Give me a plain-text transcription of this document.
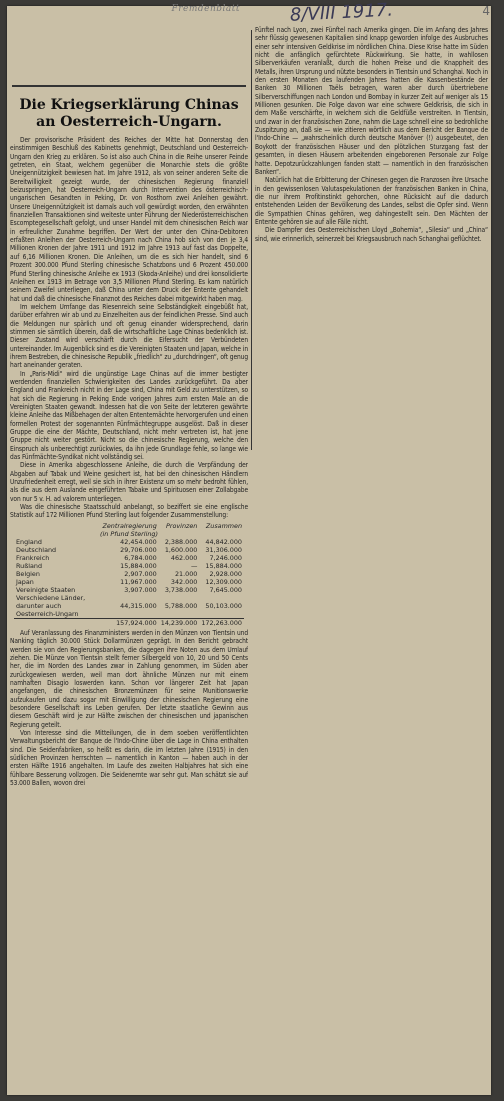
Fremdenblatt	8/VIII 1917.	4

Fünftel nach Lyon, zwei Fünftel nach Amerika gingen. Die im Anfang des Jahres sehr flüssig gewesenen Kapitalien sind knapp geworden infolge des Ausbruches einer sehr intensiven Geldkrise im nördlichen China. Diese Krise hatte im Süden nicht die anfänglich gefürchtete Rückwirkung. Sie hatte, in wahllosen Silberverkäufen veranlaßt, durch die hohen Preise und die Knappheit des Metalls, ihren Ursprung und nützte besonders in Tientsin und Schanghai. Noch in den ersten Monaten des laufenden Jahres hatten die Kassenbestände der Banken 30 Millionen Taëls betragen, waren aber durch übertriebene Silberverschiffungen nach London und Bombay in kurzer Zeit auf weniger als 15 Millionen gesunken. Die Folge davon war eine schwere Geldkrisis, die sich in dem Maße verschärfte, in welchem sich die Geldfüße verstreiten. In Tientsin, und zwar in der französischen Zone, nahm die Lage schnell eine so bedrohliche Zuspitzung an, daß sie — wie zitieren wörtlich aus dem Bericht der Banque de l'Indo-Chine — „wahrscheinlich durch deutsche Manöver (!) ausgebeutet, den Boykott der französischen Häuser und den plötzlichen Sturzgang fast der gesamten, in diesen Häusern arbeitenden eingeborenen Personale zur Folge hatte. Depotzurückzahlungen fanden statt — namentlich in den französischen Banken“.

Natürlich hat die Erbitterung der Chinesen gegen die Franzosen ihre Ursache in den gewissenlosen Valutaspekulationen der französischen Banken in China, die nur ihrem Profitinstinkt gehorchen, ohne Rücksicht auf die dadurch entstehenden Leiden der Bevölkerung des Landes, selbst die Opfer sind. Wenn die Sympathien Chinas gehören, weg dahingestellt sein. Den Mächten der Entente gehören sie auf alle Fälle nicht.

Die Dampfer des Oesterreichischen Lloyd „Bohemia“, „Silesia“ und „China“ sind, wie erinnerlich, seinerzeit bei Kriegsausbruch nach Schanghai geflüchtet.

Die Kriegserklärung Chinas an Oesterreich-Ungarn.

Der provisorische Präsident des Reiches der Mitte hat Donnerstag den einstimmigen Beschluß des Kabinetts genehmigt, Deutschland und Oesterreich-Ungarn den Krieg zu erklären. So ist also auch China in die Reihe unserer Feinde getreten, ein Staat, welchem gegenüber die Monarchie stets die größte Uneigennützigkeit bewiesen hat. Im Jahre 1912, als von seiner anderen Seite die Bereitwilligkeit gezeigt wurde, der chinesischen Regierung finanziell beizuspringen, hat Oesterreich-Ungarn durch Intervention des österreichisch-ungarischen Gesandten in Peking, Dr. von Rosthorn zwei Anleihen gewährt. Unsere Uneigennützigkeit ist damals auch voll gewürdigt worden, den erwähnten finanziellen Transaktionen sind weiteste unter Führung der Niederösterreichischen Escomptegesellschaft gefolgt, und unser Handel mit dem chinesischen Reich war in erfreulicher Zunahme begriffen. Der Wert der unter den China-Debitoren erfaßten Anleihen der Oesterreich-Ungarn nach China hob sich von den je 3,4 Millionen Kronen der Jahre 1911 und 1912 im Jahre 1913 auf fast das Doppelte, auf 6,16 Millionen Kronen. Die Anleihen, um die es sich hier handelt, sind 6 Prozent 300.000 Pfund Sterling chinesische Schatzbons und 6 Prozent 450.000 Pfund Sterling chinesische Anleihe ex 1913 (Skoda-Anleihe) und drei konsolidierte Anleihen ex 1913 im Betrage von 3,5 Millionen Pfund Sterling. Es kam natürlich seinem Zweifel unterliegen, daß China unter dem Druck der Entente gehandelt hat und daß die chinesische Finanznot des Reiches dabei mitgewirkt haben mag.

Im welchem Umfange das Riesenreich seine Selbständigkeit eingebüßt hat, darüber erfahren wir ab und zu Einzelheiten aus der feindlichen Presse. Sind auch die Meldungen nur spärlich und oft genug einander widersprechend, darin stimmen sie sämtlich überein, daß die wirtschaftliche Lage Chinas bedenklich ist. Dieser Zustand wird verschärft durch die Eifersucht der Verbündeten untereinander. Im Augenblick sind es die Vereinigten Staaten und Japan, welche in ihrem Bestreben, die chinesische Republik „friedlich“ zu „durchdringen“, oft genug hart aneinander geraten.

In „Paris-Midi“ wird die ungünstige Lage Chinas auf die immer bestigter werdenden finanziellen Schwierigkeiten des Landes zurückgeführt. Da aber England und Frankreich nicht in der Lage sind, China mit Geld zu unterstützen, so hat sich die Regierung in Peking Ende vorigen Jahres zum ersten Male an die Vereinigten Staaten gewandt. Indessen hat die von Seite der letzteren gewährte kleine Anleihe das Mißbehagen der alten Ententemächte hervorgerufen und einen formellen Protest der sogenannten Fünfmächtegruppe ausgelöst. Daß in dieser Gruppe die eine der Mächte, Deutschland, nicht mehr vertreten ist, hat jene Gruppe nicht weiter gestört. Nicht so die chinesische Regierung, welche den Einspruch als unberechtigt zurückwies, da ihn jede Grundlage fehle, so lange wie das Fünfmächte-Syndikat nicht vollständig sei.

Diese in Amerika abgeschlossene Anleihe, die durch die Verpfändung der Abgaben auf Tabak und Weine gesichert ist, hat bei den chinesischen Händlern Unzufriedenheit erregt, weil sie sich in ihrer Existenz um so mehr bedroht fühlen, als die aus dem Auslande eingeführten Tabake und Spirituosen einer Zollabgabe von nur 5 v. H. ad valorem unterliegen.

Was die chinesische Staatsschuld anbelangt, so beziffert sie eine englische Statistik auf 172 Millionen Pfund Sterling laut folgender Zusammenstellung:

	Zentralregierung	Provinzen	Zusammen
(in Pfund Sterling)			
England	42,454.000	2,388.000	44,842.000
Deutschland	29,706.000	1,600.000	31,306.000
Frankreich	6,784.000	462.000	7,246.000
Rußland	15,884.000	—	15,884.000
Belgien	2,907.000	21.000	2,928.000
Japan	11,967.000	342.000	12,309.000
Vereinigte Staaten	3,907.000	3,738.000	7,645.000
Verschiedene Länder, darunter auch Oesterreich-Ungarn	44,315.000	5,788.000	50,103.000
	157,924.000	14,239.000	172,263.000

Auf Veranlassung des Finanzministers werden in den Münzen von Tientsin und Nanking täglich 30.000 Stück Dollarmünzen geprägt. In den Bericht gebracht werden sie von den Regierungsbanken, die dagegen ihre Noten aus dem Umlauf ziehen. Die Münze von Tientsin stellt ferner Silbergeld von 10, 20 und 50 Cents her, die im Norden des Landes zwar in Zahlung genommen, im Süden aber zurückgewiesen werden, weil man dort ähnliche Münzen nur mit einem namhaften Disagio loswerden kann. Schon vor längerer Zeit hat Japan angefangen, die chinesischen Bronzemünzen für seine Munitionswerke aufzukaufen und dazu sogar mit Einwilligung der chinesischen Regierung eine besondere Gesellschaft ins Leben gerufen. Der letzte staatliche Gewinn aus diesem Geschäft wird je zur Hälfte zwischen der chinesischen und japanischen Regierung geteilt.

Von Interesse sind die Mitteilungen, die in dem soeben veröffentlichten Verwaltungsbericht der Banque de l'Indo-Chine über die Lage in China enthalten sind. Die Seidenfabriken, so heißt es darin, die im letzten Jahre (1915) in den südlichen Provinzen herrschten — namentlich in Kanton — haben auch in der ersten Hälfte 1916 angehalten. Im Laufe des zweiten Halbjahres hat sich eine fühlbare Besserung vollzogen. Die Seidenernte war sehr gut. Man schätzt sie auf 53.000 Ballen, wovon drei
